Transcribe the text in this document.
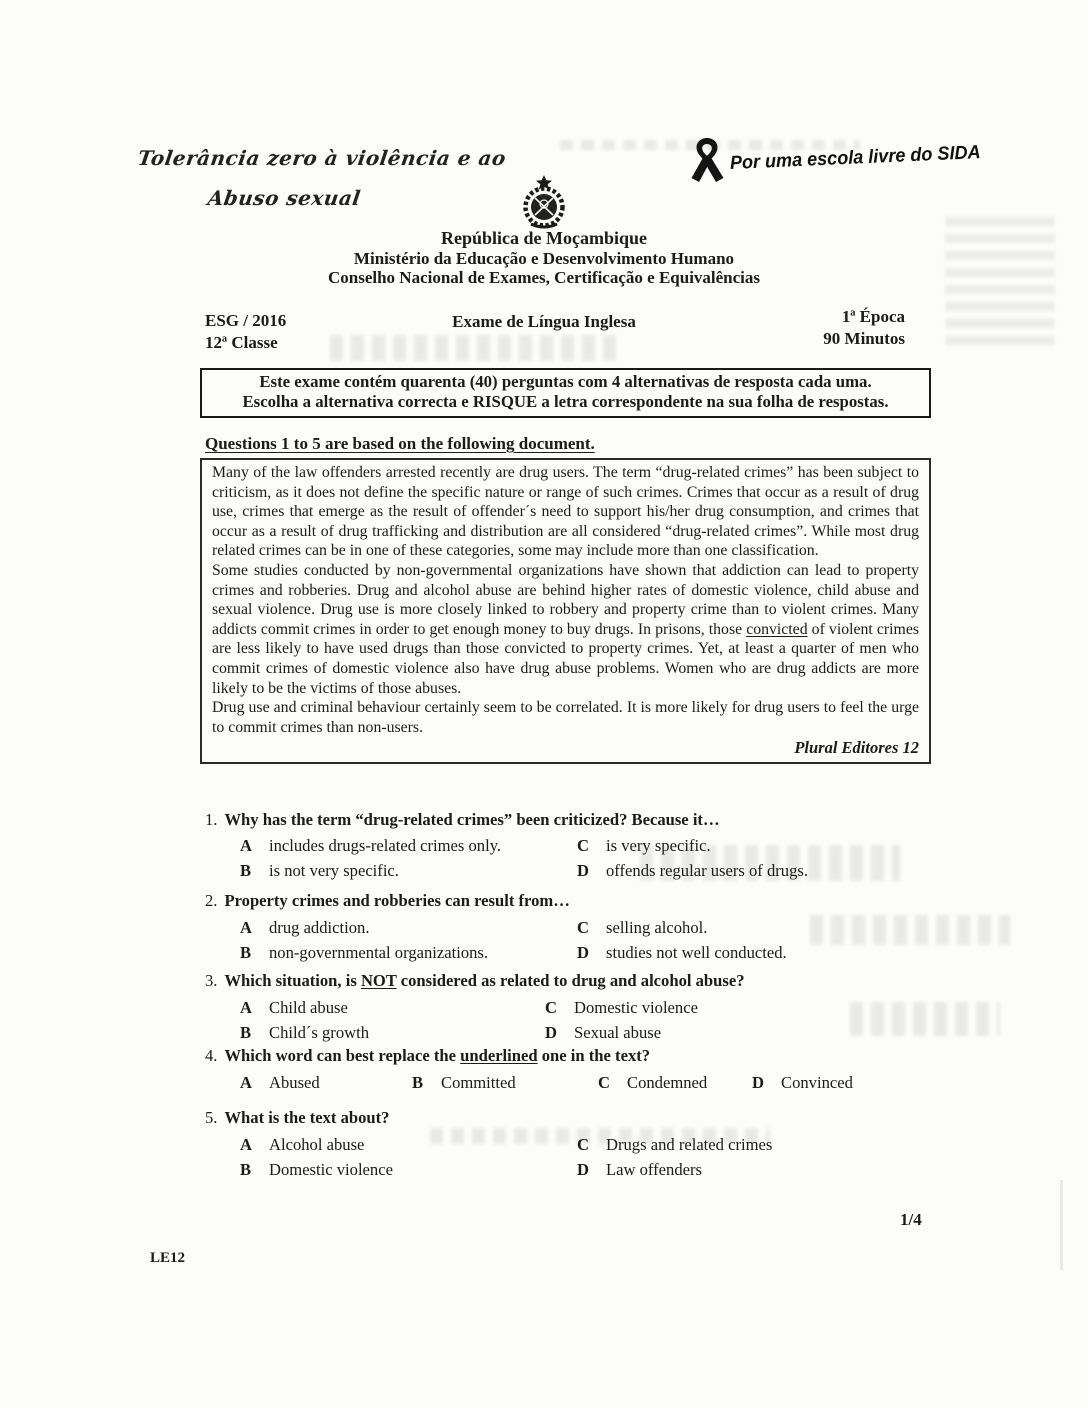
Tolerância zero à violência e ao
Abuso sexual
Por uma escola livre do SIDA
República de Moçambique
Ministério da Educação e Desenvolvimento Humano
Conselho Nacional de Exames, Certificação e Equivalências
ESG / 2016
12ª Classe
Exame de Língua Inglesa	1ª Época
90 Minutos
Este exame contém quarenta (40) perguntas com 4 alternativas de resposta cada uma.
Escolha a alternativa correcta e RISQUE a letra correspondente na sua folha de respostas.
Questions 1 to 5 are based on the following document.

Many of the law offenders arrested recently are drug users. The term “drug-related crimes” has been subject to criticism, as it does not define the specific nature or range of such crimes. Crimes that occur as a result of drug use, crimes that emerge as the result of offender´s need to support his/her drug consumption, and crimes that occur as a result of drug trafficking and distribution are all considered “drug-related crimes”. While most drug related crimes can be in one of these categories, some may include more than one classification.

Some studies conducted by non-governmental organizations have shown that addiction can lead to property crimes and robberies. Drug and alcohol abuse are behind higher rates of domestic violence, child abuse and sexual violence. Drug use is more closely linked to robbery and property crime than to violent crimes. Many addicts commit crimes in order to get enough money to buy drugs. In prisons, those convicted of violent crimes are less likely to have used drugs than those convicted to property crimes. Yet, at least a quarter of men who commit crimes of domestic violence also have drug abuse problems. Women who are drug addicts are more likely to be the victims of those abuses.

Drug use and criminal behaviour certainly seem to be correlated. It is more likely for drug users to feel the urge to commit crimes than non-users.

Plural Editores 12
1. Why has the term “drug-related crimes” been criticized? Because it…
A	includes drugs-related crimes only.	C	is very specific.
B	is not very specific.	D	offends regular users of drugs.
2. Property crimes and robberies can result from…
A	drug addiction.	C	selling alcohol.
B	non-governmental organizations.	D	studies not well conducted.
3. Which situation, is NOT considered as related to drug and alcohol abuse?
A	Child abuse	C	Domestic violence
B	Child´s growth	D	Sexual abuse
4. Which word can best replace the underlined one in the text?
A	Abused	B	Committed	C	Condemned	D	Convinced
5. What is the text about?
A	Alcohol abuse	C	Drugs and related crimes
B	Domestic violence	D	Law offenders
1/4
LE12
